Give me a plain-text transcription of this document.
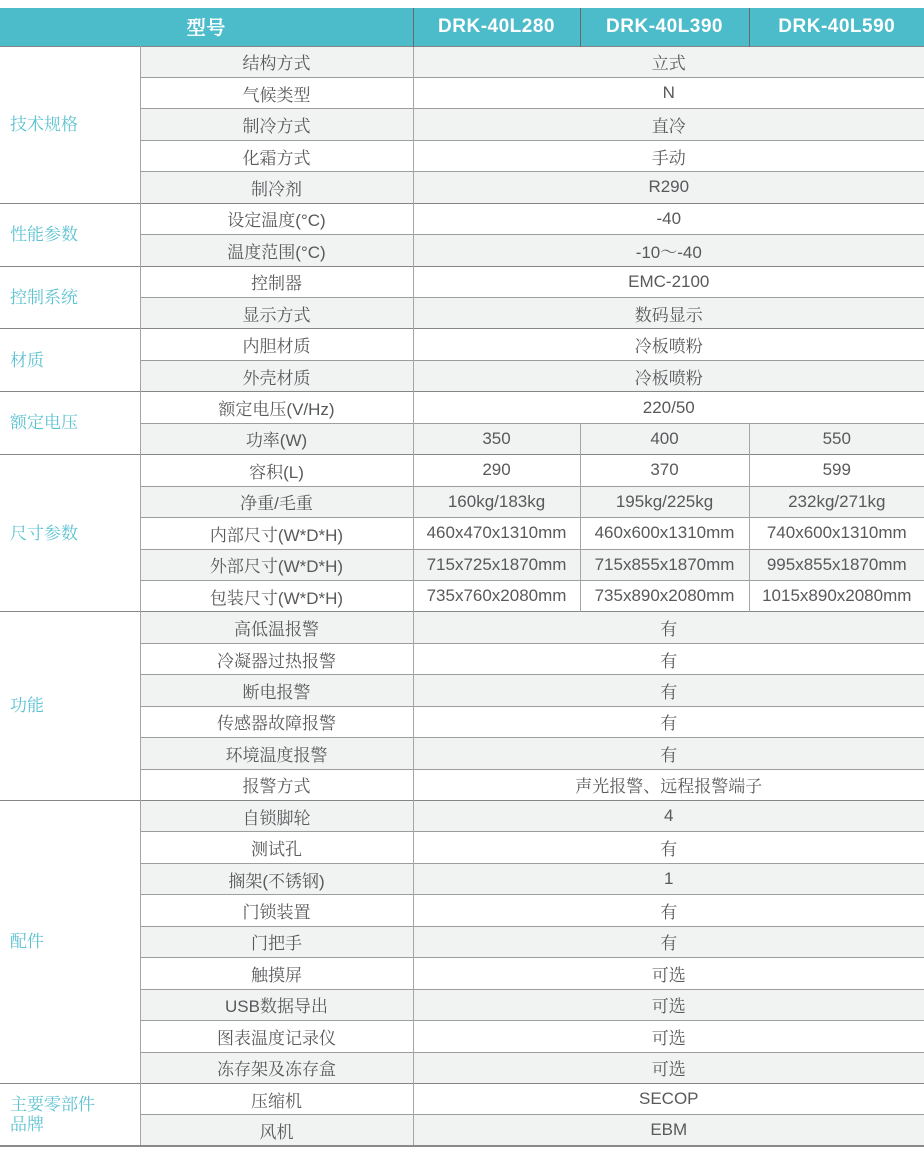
型号		DRK-40L280	DRK-40L390	DRK-40L590
技术规格	结构方式	立式		
	气候类型	N		
	制冷方式	直冷		
	化霜方式	手动		
	制冷剂	R290		
性能参数	设定温度(°C)	-40		
	温度范围(°C)	-10～-40		
控制系统	控制器	EMC-2100		
	显示方式	数码显示		
材质	内胆材质	冷板喷粉		
	外壳材质	冷板喷粉		
额定电压	额定电压(V/Hz)	220/50		
	功率(W)	350	400	550
尺寸参数	容积(L)	290	370	599
	净重/毛重	160kg/183kg	195kg/225kg	232kg/271kg
	内部尺寸(W*D*H)	460x470x1310mm	460x600x1310mm	740x600x1310mm
	外部尺寸(W*D*H)	715x725x1870mm	715x855x1870mm	995x855x1870mm
	包装尺寸(W*D*H)	735x760x2080mm	735x890x2080mm	1015x890x2080mm
功能	高低温报警	有		
	冷凝器过热报警	有		
	断电报警	有		
	传感器故障报警	有		
	环境温度报警	有		
	报警方式	声光报警、远程报警端子		
配件	自锁脚轮	4		
	测试孔	有		
	搁架(不锈钢)	1		
	门锁装置	有		
	门把手	有		
	触摸屏	可选		
	USB数据导出	可选		
	图表温度记录仪	可选		
	冻存架及冻存盒	可选		
主要零部件品牌	压缩机	SECOP		
	风机	EBM		
